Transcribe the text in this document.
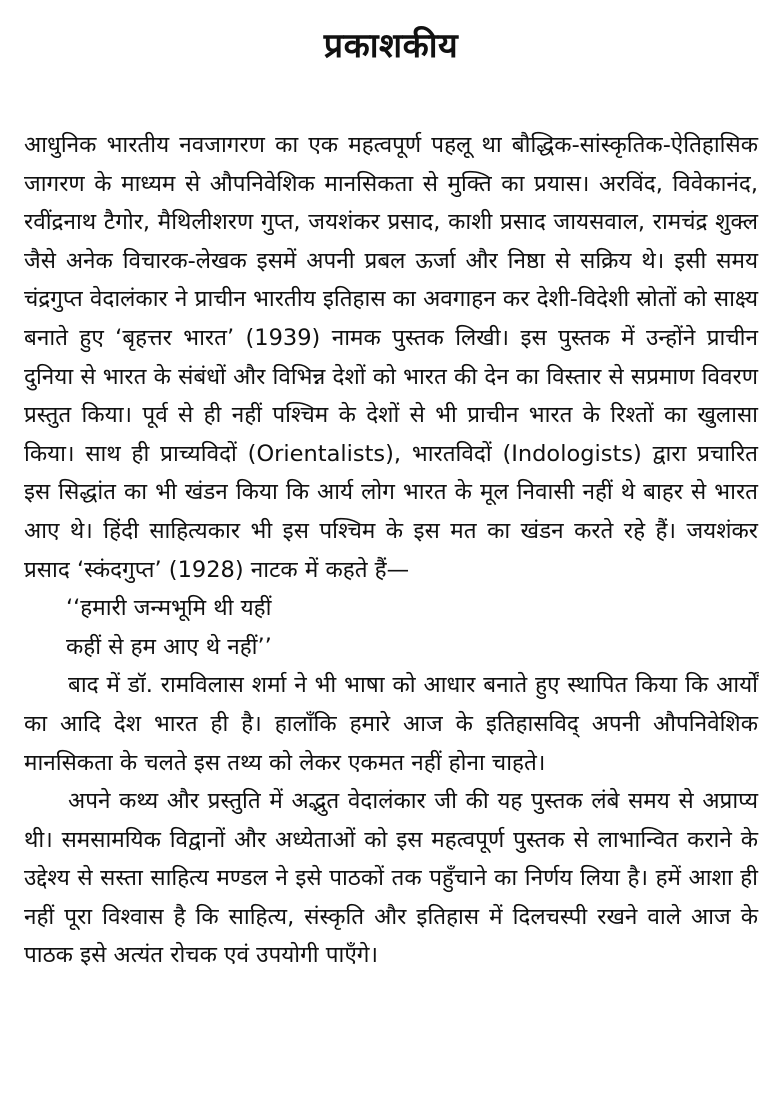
प्रकाशकीय

आधुनिक भारतीय नवजागरण का एक महत्वपूर्ण पहलू था बौद्धिक-सांस्कृतिक-ऐतिहासिक जागरण के माध्यम से औपनिवेशिक मानसिकता से मुक्ति का प्रयास। अरविंद, विवेकानंद, रवींद्रनाथ टैगोर, मैथिलीशरण गुप्त, जयशंकर प्रसाद, काशी प्रसाद जायसवाल, रामचंद्र शुक्ल जैसे अनेक विचारक-लेखक इसमें अपनी प्रबल ऊर्जा और निष्ठा से सक्रिय थे। इसी समय चंद्रगुप्त वेदालंकार ने प्राचीन भारतीय इतिहास का अवगाहन कर देशी-विदेशी स्रोतों को साक्ष्य बनाते हुए ‘बृहत्तर भारत’ (1939) नामक पुस्तक लिखी। इस पुस्तक में उन्होंने प्राचीन दुनिया से भारत के संबंधों और विभिन्न देशों को भारत की देन का विस्तार से सप्रमाण विवरण प्रस्तुत किया। पूर्व से ही नहीं पश्चिम के देशों से भी प्राचीन भारत के रिश्तों का खुलासा किया। साथ ही प्राच्यविदों (Orientalists), भारतविदों (Indologists) द्वारा प्रचारित इस सिद्धांत का भी खंडन किया कि आर्य लोग भारत के मूल निवासी नहीं थे बाहर से भारत आए थे। हिंदी साहित्यकार भी इस पश्चिम के इस मत का खंडन करते रहे हैं। जयशंकर प्रसाद ‘स्कंदगुप्त’ (1928) नाटक में कहते हैं—

‘‘हमारी जन्मभूमि थी यहीं

कहीं से हम आए थे नहीं’’

बाद में डॉ. रामविलास शर्मा ने भी भाषा को आधार बनाते हुए स्थापित किया कि आर्यों का आदि देश भारत ही है। हालाँकि हमारे आज के इतिहासविद् अपनी औपनिवेशिक मानसिकता के चलते इस तथ्य को लेकर एकमत नहीं होना चाहते।

अपने कथ्य और प्रस्तुति में अद्भुत वेदालंकार जी की यह पुस्तक लंबे समय से अप्राप्य थी। समसामयिक विद्वानों और अध्येताओं को इस महत्वपूर्ण पुस्तक से लाभान्वित कराने के उद्देश्य से सस्ता साहित्य मण्डल ने इसे पाठकों तक पहुँचाने का निर्णय लिया है। हमें आशा ही नहीं पूरा विश्वास है कि साहित्य, संस्कृति और इतिहास में दिलचस्पी रखने वाले आज के पाठक इसे अत्यंत रोचक एवं उपयोगी पाएँगे।
